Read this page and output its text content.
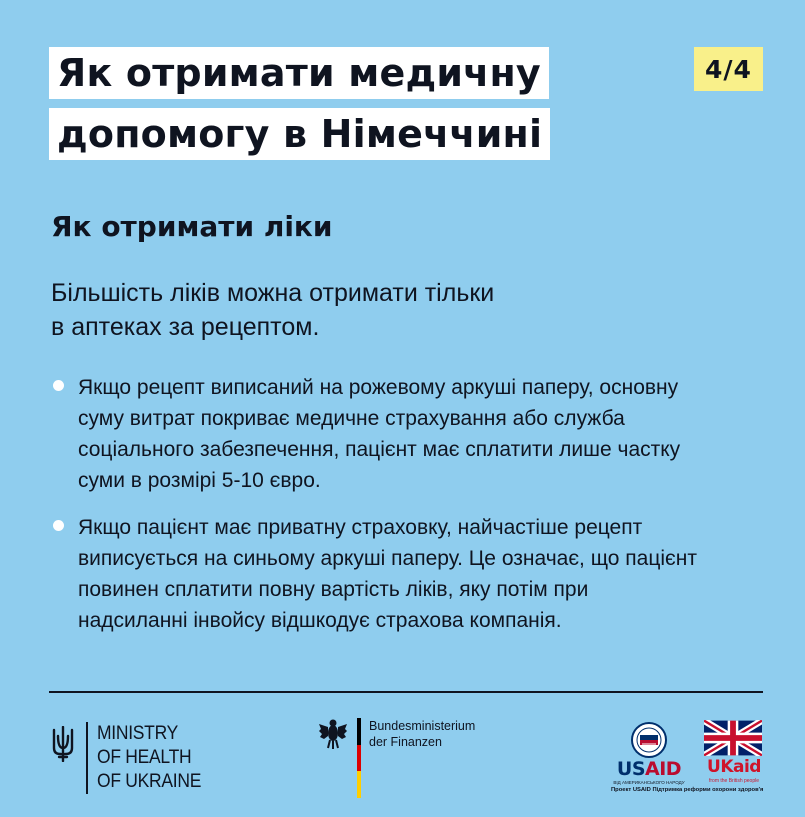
Як отримати медичну
допомогу в Німеччині
4/4
Як отримати ліки

Більшість ліків можна отримати тільки
в аптеках за рецептом.

Якщо рецепт виписаний на рожевому аркуші паперу, основну
суму витрат покриває медичне страхування або служба
соціального забезпечення, пацієнт має сплатити лише частку
суми в розмірі 5-10 євро.
Якщо пацієнт має приватну страховку, найчастіше рецепт
виписується на синьому аркуші паперу. Це означає, що пацієнт
повинен сплатити повну вартість ліків, яку потім при
надсиланні інвойсу відшкодує страхова компанія.
MINISTRY
OF HEALTH
OF UKRAINE
Bundesministerium
der Finanzen
USAID
ВІД АМЕРИКАНСЬКОГО НАРОДУ
UKaid
from the British people
Проект USAID Підтримка реформи охорони здоров'я
